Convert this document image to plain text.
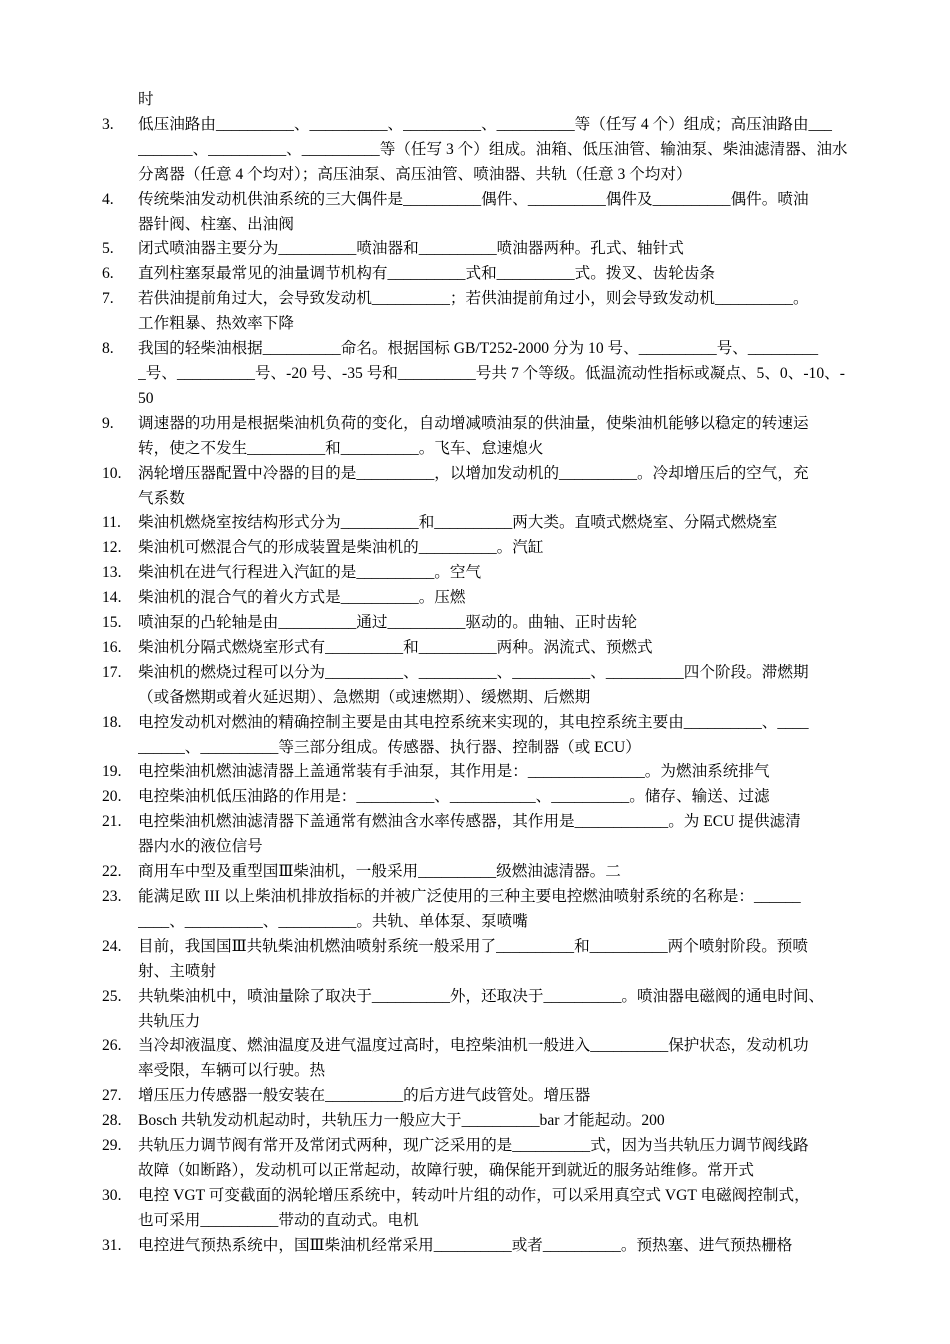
时
3.	低压油路由__________、__________、__________、__________等（任写 4 个）组成；高压油路由___
_______、__________、__________等（任写 3 个）组成。油箱、低压油管、输油泵、柴油滤清器、油水
分离器（任意 4 个均对）；高压油泵、高压油管、喷油器、共轨（任意 3 个均对）
4.	传统柴油发动机供油系统的三大偶件是__________偶件、__________偶件及__________偶件。喷油
器针阀、柱塞、出油阀
5.	闭式喷油器主要分为__________喷油器和__________喷油器两种。孔式、轴针式
6.	直列柱塞泵最常见的油量调节机构有__________式和__________式。拨叉、齿轮齿条
7.	若供油提前角过大，会导致发动机__________；若供油提前角过小，则会导致发动机__________。
工作粗暴、热效率下降
8.	我国的轻柴油根据__________命名。根据国标 GB/T252-2000 分为 10 号、__________号、_________
_号、__________号、-20 号、-35 号和__________号共 7 个等级。低温流动性指标或凝点、5、0、-10、-
50
9.	调速器的功用是根据柴油机负荷的变化，自动增减喷油泵的供油量，使柴油机能够以稳定的转速运
转，使之不发生__________和__________。飞车、怠速熄火
10.	涡轮增压器配置中冷器的目的是__________，以增加发动机的__________。冷却增压后的空气，充
气系数
11.	柴油机燃烧室按结构形式分为__________和__________两大类。直喷式燃烧室、分隔式燃烧室
12.	柴油机可燃混合气的形成装置是柴油机的__________。汽缸
13.	柴油机在进气行程进入汽缸的是__________。空气
14.	柴油机的混合气的着火方式是__________。压燃
15.	喷油泵的凸轮轴是由__________通过__________驱动的。曲轴、正时齿轮
16.	柴油机分隔式燃烧室形式有__________和__________两种。涡流式、预燃式
17.	柴油机的燃烧过程可以分为__________、__________、__________、__________四个阶段。滞燃期
（或备燃期或着火延迟期）、急燃期（或速燃期）、缓燃期、后燃期
18.	电控发动机对燃油的精确控制主要是由其电控系统来实现的，其电控系统主要由__________、____
______、__________等三部分组成。传感器、执行器、控制器（或 ECU）
19.	电控柴油机燃油滤清器上盖通常装有手油泵，其作用是：_______________。为燃油系统排气
20.	电控柴油机低压油路的作用是：__________、___________、__________。储存、输送、过滤
21.	电控柴油机燃油滤清器下盖通常有燃油含水率传感器，其作用是____________。为 ECU 提供滤清
器内水的液位信号
22.	商用车中型及重型国Ⅲ柴油机，一般采用__________级燃油滤清器。二
23.	能满足欧 III 以上柴油机排放指标的并被广泛使用的三种主要电控燃油喷射系统的名称是：______
____、__________、__________。共轨、单体泵、泵喷嘴
24.	目前，我国国Ⅲ共轨柴油机燃油喷射系统一般采用了__________和__________两个喷射阶段。预喷
射、主喷射
25.	共轨柴油机中，喷油量除了取决于__________外，还取决于__________。喷油器电磁阀的通电时间、
共轨压力
26.	当冷却液温度、燃油温度及进气温度过高时，电控柴油机一般进入__________保护状态，发动机功
率受限，车辆可以行驶。热
27.	增压压力传感器一般安装在__________的后方进气歧管处。增压器
28.	Bosch 共轨发动机起动时，共轨压力一般应大于__________bar 才能起动。200
29.	共轨压力调节阀有常开及常闭式两种，现广泛采用的是__________式，因为当共轨压力调节阀线路
故障（如断路），发动机可以正常起动，故障行驶，确保能开到就近的服务站维修。常开式
30.	电控 VGT 可变截面的涡轮增压系统中，转动叶片组的动作，可以采用真空式 VGT 电磁阀控制式，
也可采用__________带动的直动式。电机
31.	电控进气预热系统中，国Ⅲ柴油机经常采用__________或者__________。预热塞、进气预热栅格
